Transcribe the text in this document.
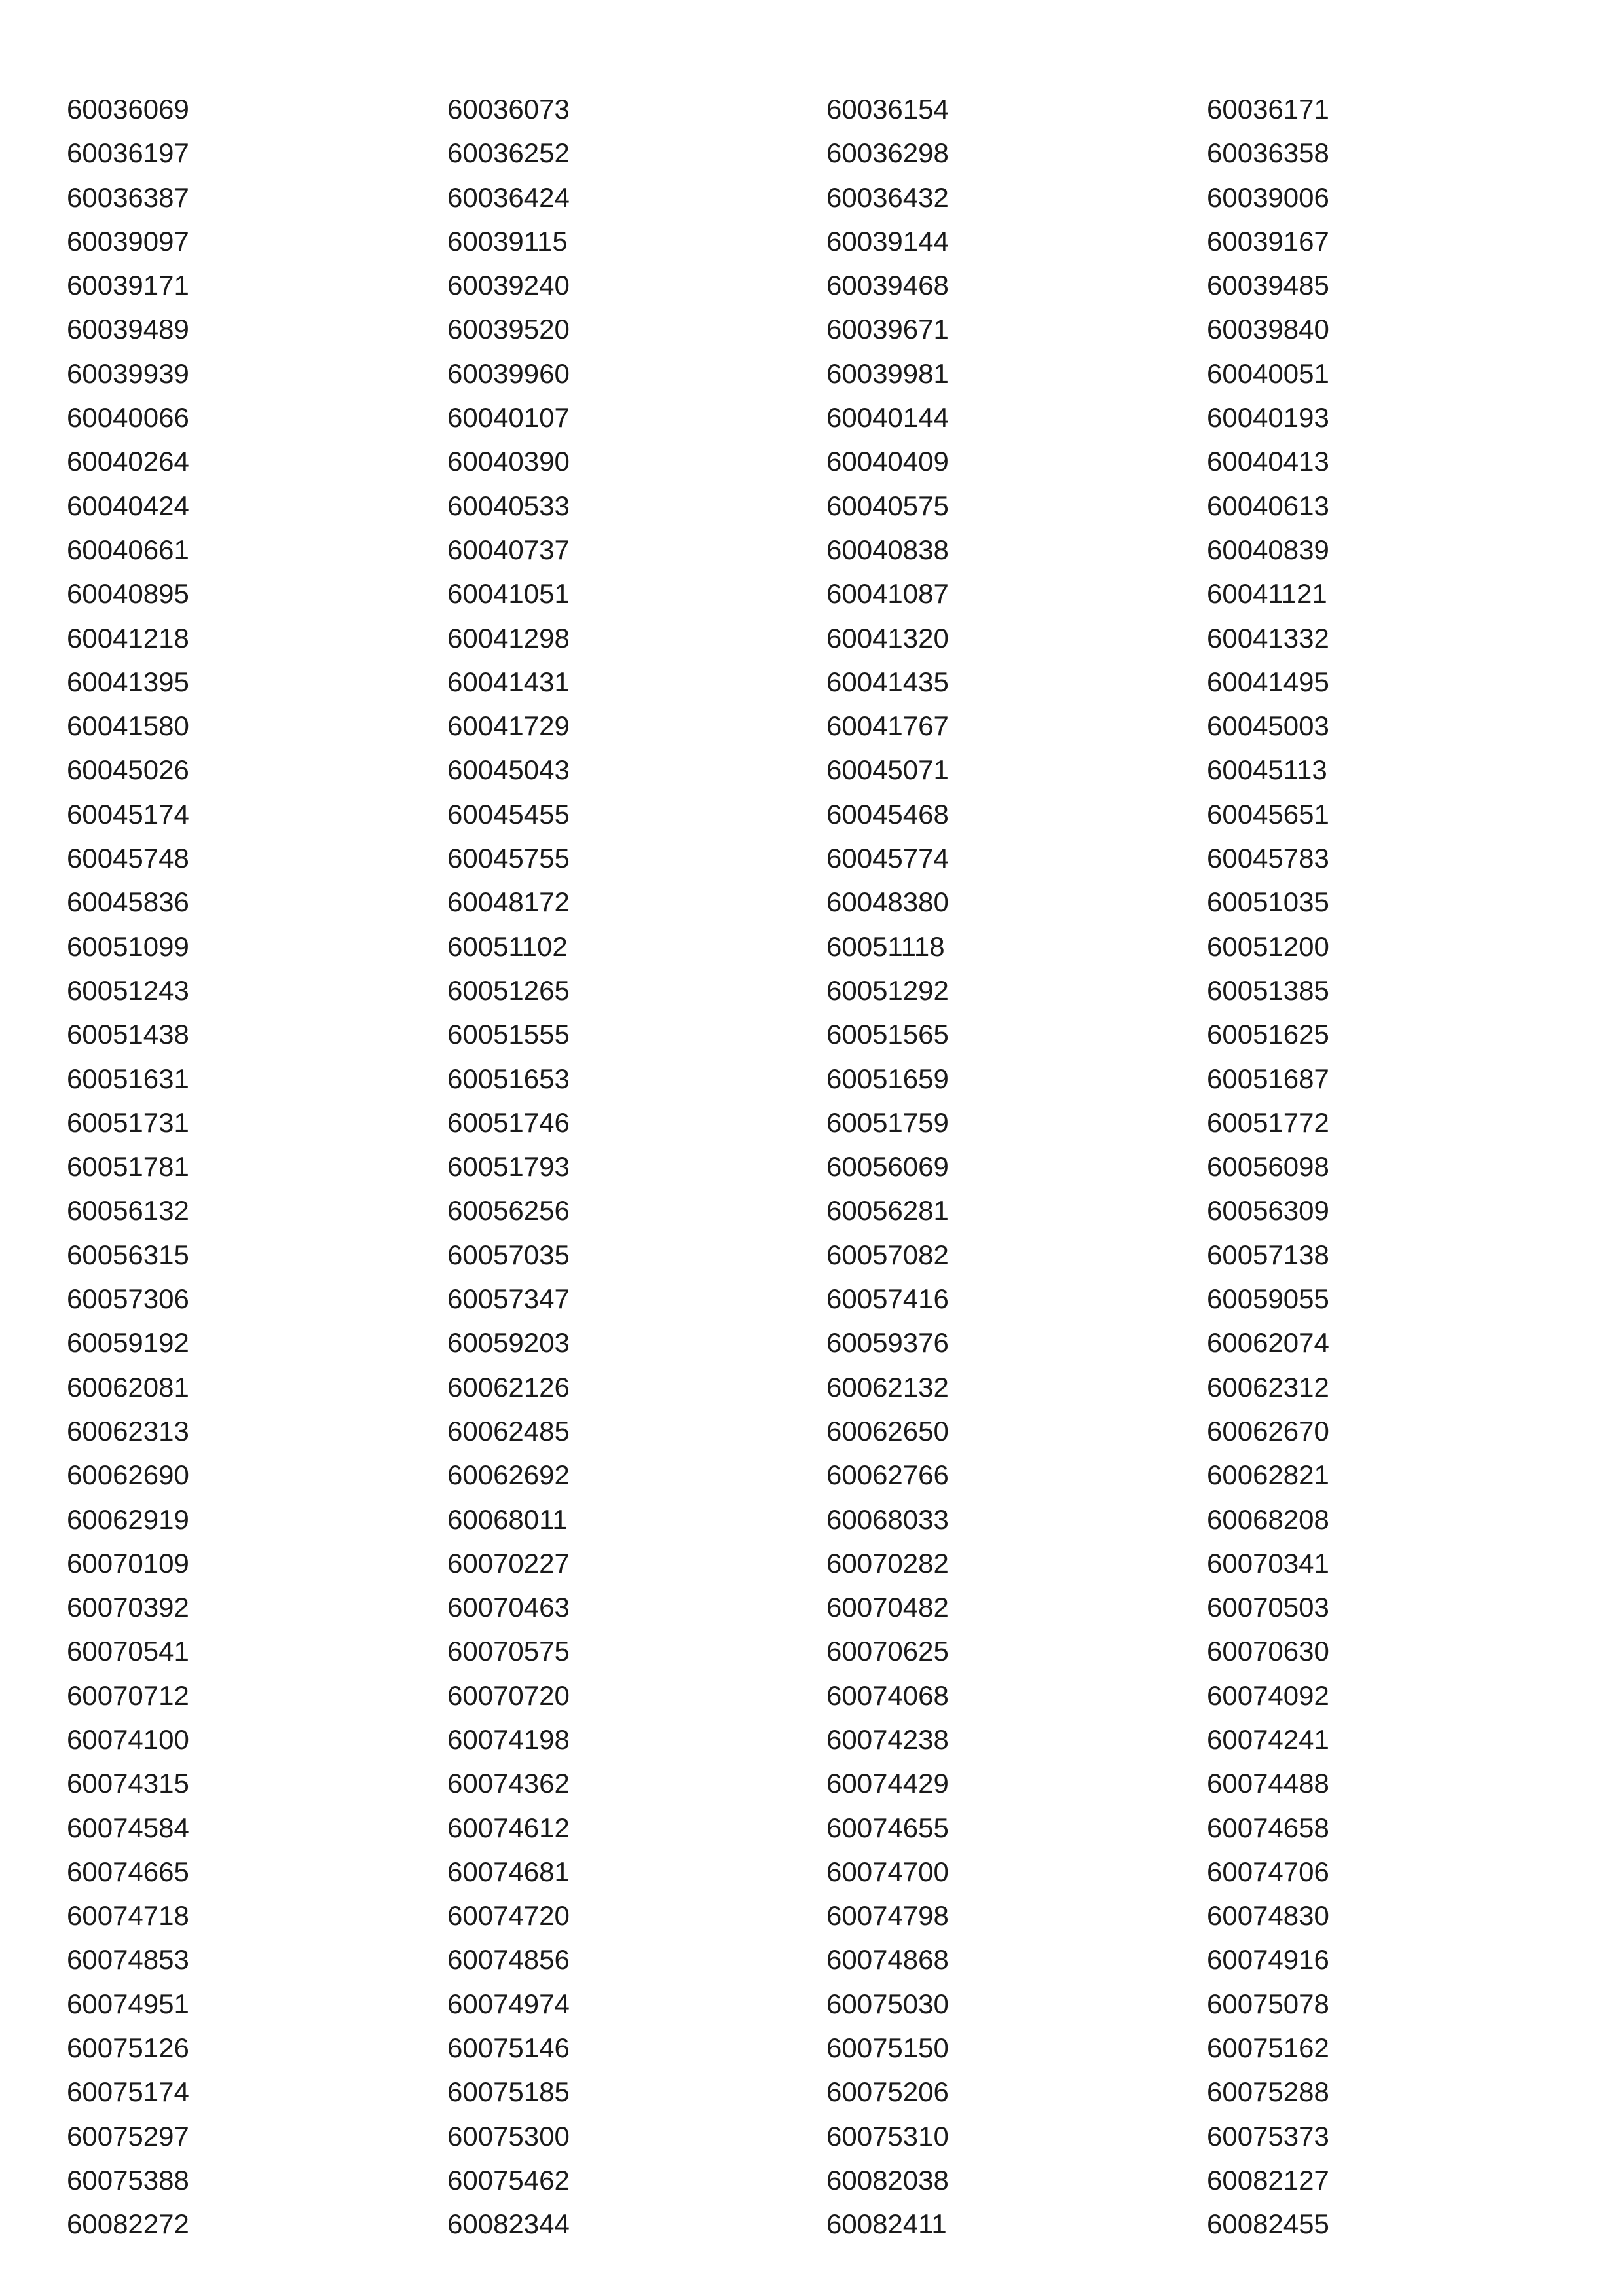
60036069	60036073	60036154	60036171
60036197	60036252	60036298	60036358
60036387	60036424	60036432	60039006
60039097	60039115	60039144	60039167
60039171	60039240	60039468	60039485
60039489	60039520	60039671	60039840
60039939	60039960	60039981	60040051
60040066	60040107	60040144	60040193
60040264	60040390	60040409	60040413
60040424	60040533	60040575	60040613
60040661	60040737	60040838	60040839
60040895	60041051	60041087	60041121
60041218	60041298	60041320	60041332
60041395	60041431	60041435	60041495
60041580	60041729	60041767	60045003
60045026	60045043	60045071	60045113
60045174	60045455	60045468	60045651
60045748	60045755	60045774	60045783
60045836	60048172	60048380	60051035
60051099	60051102	60051118	60051200
60051243	60051265	60051292	60051385
60051438	60051555	60051565	60051625
60051631	60051653	60051659	60051687
60051731	60051746	60051759	60051772
60051781	60051793	60056069	60056098
60056132	60056256	60056281	60056309
60056315	60057035	60057082	60057138
60057306	60057347	60057416	60059055
60059192	60059203	60059376	60062074
60062081	60062126	60062132	60062312
60062313	60062485	60062650	60062670
60062690	60062692	60062766	60062821
60062919	60068011	60068033	60068208
60070109	60070227	60070282	60070341
60070392	60070463	60070482	60070503
60070541	60070575	60070625	60070630
60070712	60070720	60074068	60074092
60074100	60074198	60074238	60074241
60074315	60074362	60074429	60074488
60074584	60074612	60074655	60074658
60074665	60074681	60074700	60074706
60074718	60074720	60074798	60074830
60074853	60074856	60074868	60074916
60074951	60074974	60075030	60075078
60075126	60075146	60075150	60075162
60075174	60075185	60075206	60075288
60075297	60075300	60075310	60075373
60075388	60075462	60082038	60082127
60082272	60082344	60082411	60082455
